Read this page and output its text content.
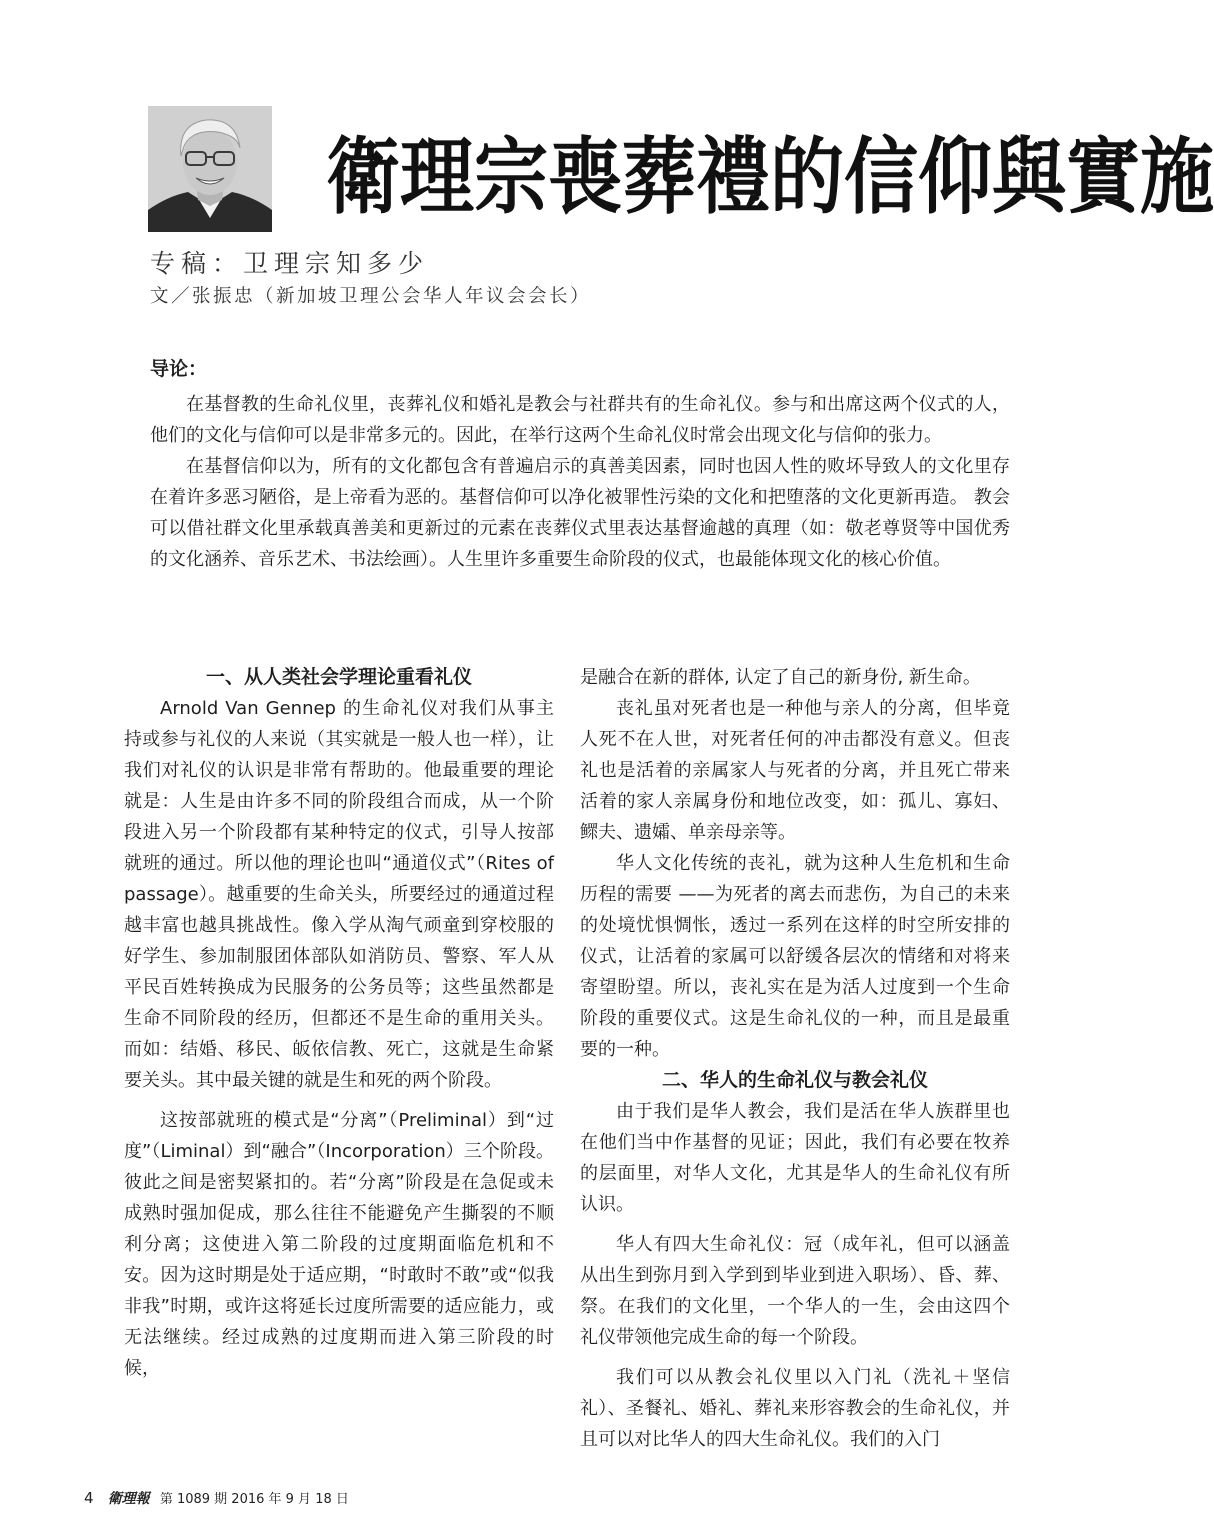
衛理宗喪葬禮的信仰與實施
专稿：卫理宗知多少
文／张振忠（新加坡卫理公会华人年议会会长）
导论：

在基督教的生命礼仪里，丧葬礼仪和婚礼是教会与社群共有的生命礼仪。参与和出席这两个仪式的人，他们的文化与信仰可以是非常多元的。因此，在举行这两个生命礼仪时常会出现文化与信仰的张力。

在基督信仰以为，所有的文化都包含有普遍启示的真善美因素，同时也因人性的败坏导致人的文化里存在着许多恶习陋俗，是上帝看为恶的。基督信仰可以净化被罪性污染的文化和把堕落的文化更新再造。 教会可以借社群文化里承载真善美和更新过的元素在丧葬仪式里表达基督逾越的真理（如：敬老尊贤等中国优秀的文化涵养、音乐艺术、书法绘画）。人生里许多重要生命阶段的仪式，也最能体现文化的核心价值。

一、从人类社会学理论重看礼仪

Arnold Van Gennep 的生命礼仪对我们从事主持或参与礼仪的人来说（其实就是一般人也一样），让我们对礼仪的认识是非常有帮助的。他最重要的理论就是：人生是由许多不同的阶段组合而成，从一个阶段进入另一个阶段都有某种特定的仪式，引导人按部就班的通过。所以他的理论也叫“通道仪式”（Rites of passage）。越重要的生命关头，所要经过的通道过程越丰富也越具挑战性。像入学从淘气顽童到穿校服的好学生、参加制服团体部队如消防员、警察、军人从平民百姓转换成为民服务的公务员等；这些虽然都是生命不同阶段的经历，但都还不是生命的重用关头。而如：结婚、移民、皈依信教、死亡，这就是生命紧要关头。其中最关键的就是生和死的两个阶段。

这按部就班的模式是“分离”（Preliminal）到“过度”（Liminal）到“融合”（Incorporation）三个阶段。彼此之间是密契紧扣的。若“分离”阶段是在急促或未成熟时强加促成，那么往往不能避免产生撕裂的不顺利分离；这使进入第二阶段的过度期面临危机和不安。因为这时期是处于适应期，“时敢时不敢”或“似我非我”时期，或许这将延长过度所需要的适应能力，或无法继续。经过成熟的过度期而进入第三阶段的时候，

是融合在新的群体, 认定了自己的新身份, 新生命。

丧礼虽对死者也是一种他与亲人的分离，但毕竟人死不在人世，对死者任何的冲击都没有意义。但丧礼也是活着的亲属家人与死者的分离，并且死亡带来活着的家人亲属身份和地位改变，如：孤儿、寡妇、鳏夫、遗孀、单亲母亲等。

华人文化传统的丧礼，就为这种人生危机和生命历程的需要 ——为死者的离去而悲伤，为自己的未来的处境忧惧惆怅，透过一系列在这样的时空所安排的仪式，让活着的家属可以舒缓各层次的情绪和对将来寄望盼望。所以，丧礼实在是为活人过度到一个生命阶段的重要仪式。这是生命礼仪的一种，而且是最重要的一种。

二、华人的生命礼仪与教会礼仪

由于我们是华人教会，我们是活在华人族群里也在他们当中作基督的见证；因此，我们有必要在牧养的层面里，对华人文化，尤其是华人的生命礼仪有所认识。

华人有四大生命礼仪：冠（成年礼，但可以涵盖从出生到弥月到入学到到毕业到进入职场）、昏、葬、祭。在我们的文化里，一个华人的一生，会由这四个礼仪带领他完成生命的每一个阶段。

我们可以从教会礼仪里以入门礼（洗礼＋坚信礼）、圣餐礼、婚礼、葬礼来形容教会的生命礼仪，并且可以对比华人的四大生命礼仪。我们的入门

4 衛理報 第 1089 期 2016 年 9 月 18 日
